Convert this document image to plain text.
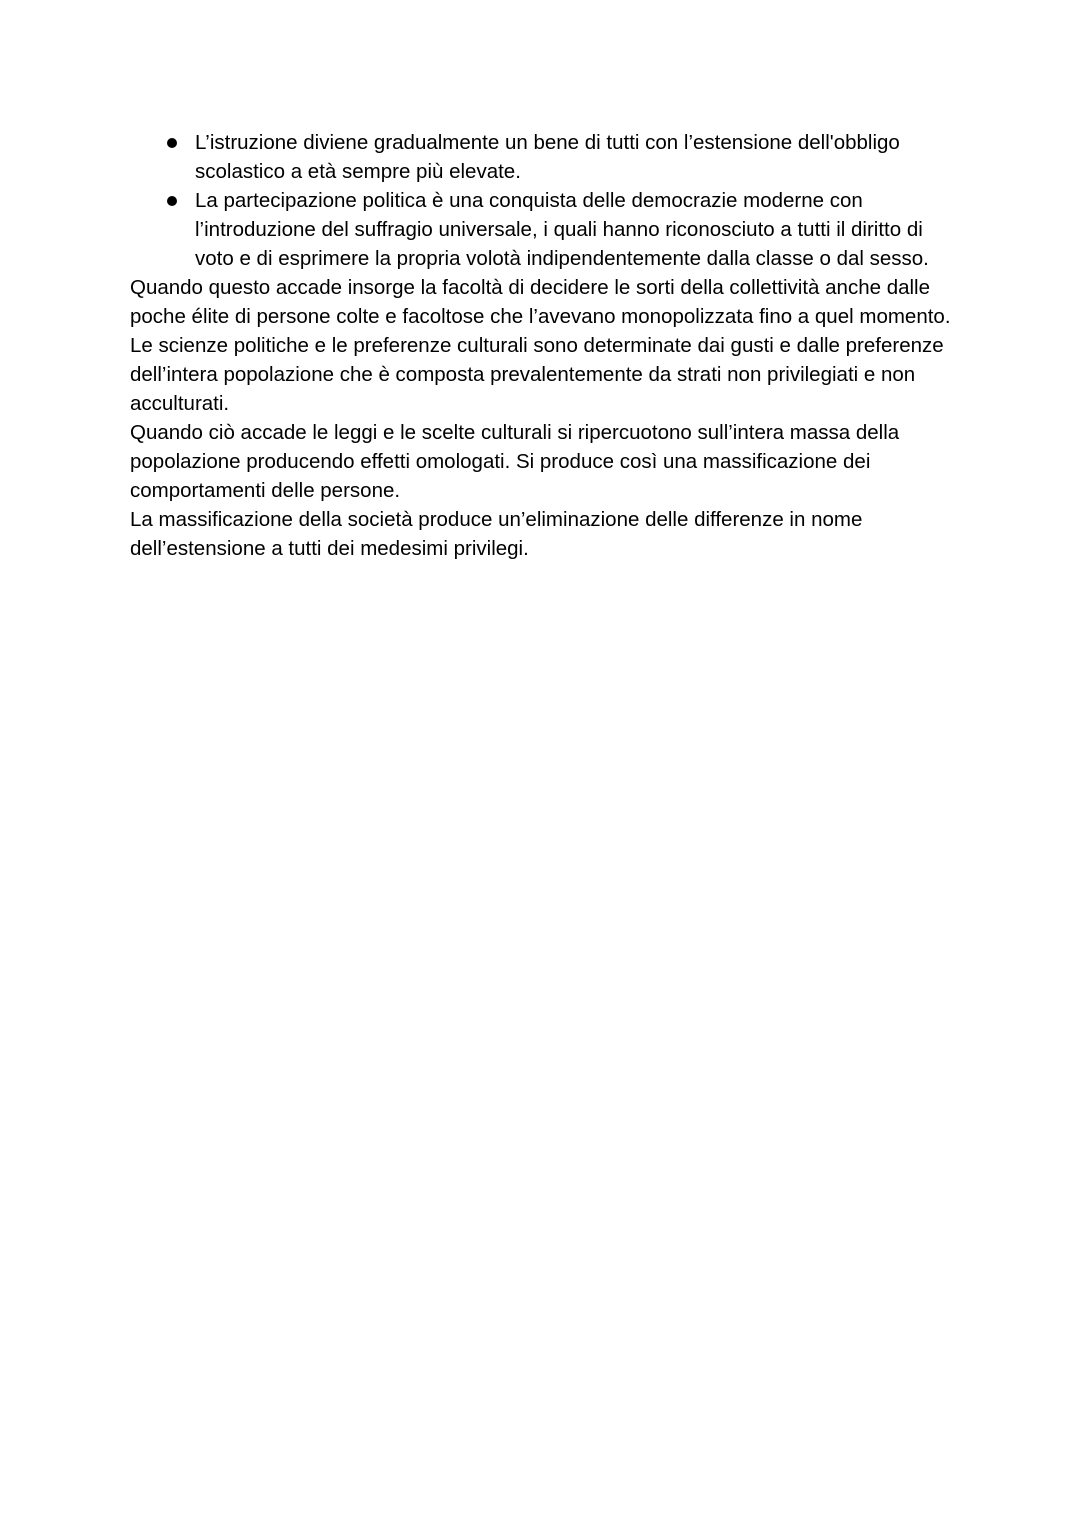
L’istruzione diviene gradualmente un bene di tutti con l’estensione dell'obbligo scolastico a età sempre più elevate.
La partecipazione politica è una conquista delle democrazie moderne con l’introduzione del suffragio universale, i quali hanno riconosciuto a tutti il diritto di voto e di esprimere la propria volotà indipendentemente dalla classe o dal sesso.

Quando questo accade insorge la facoltà di decidere le sorti della collettività anche dalle poche élite di persone colte e facoltose che l’avevano monopolizzata fino a quel momento. Le scienze politiche e le preferenze culturali sono determinate dai gusti e dalle preferenze dell’intera popolazione che è composta prevalentemente da strati non privilegiati e non acculturati.

Quando ciò accade le leggi e le scelte culturali si ripercuotono sull’intera massa della popolazione producendo effetti omologati. Si produce così una massificazione dei comportamenti delle persone.

La massificazione della società produce un’eliminazione delle differenze in nome dell’estensione a tutti dei medesimi privilegi.
